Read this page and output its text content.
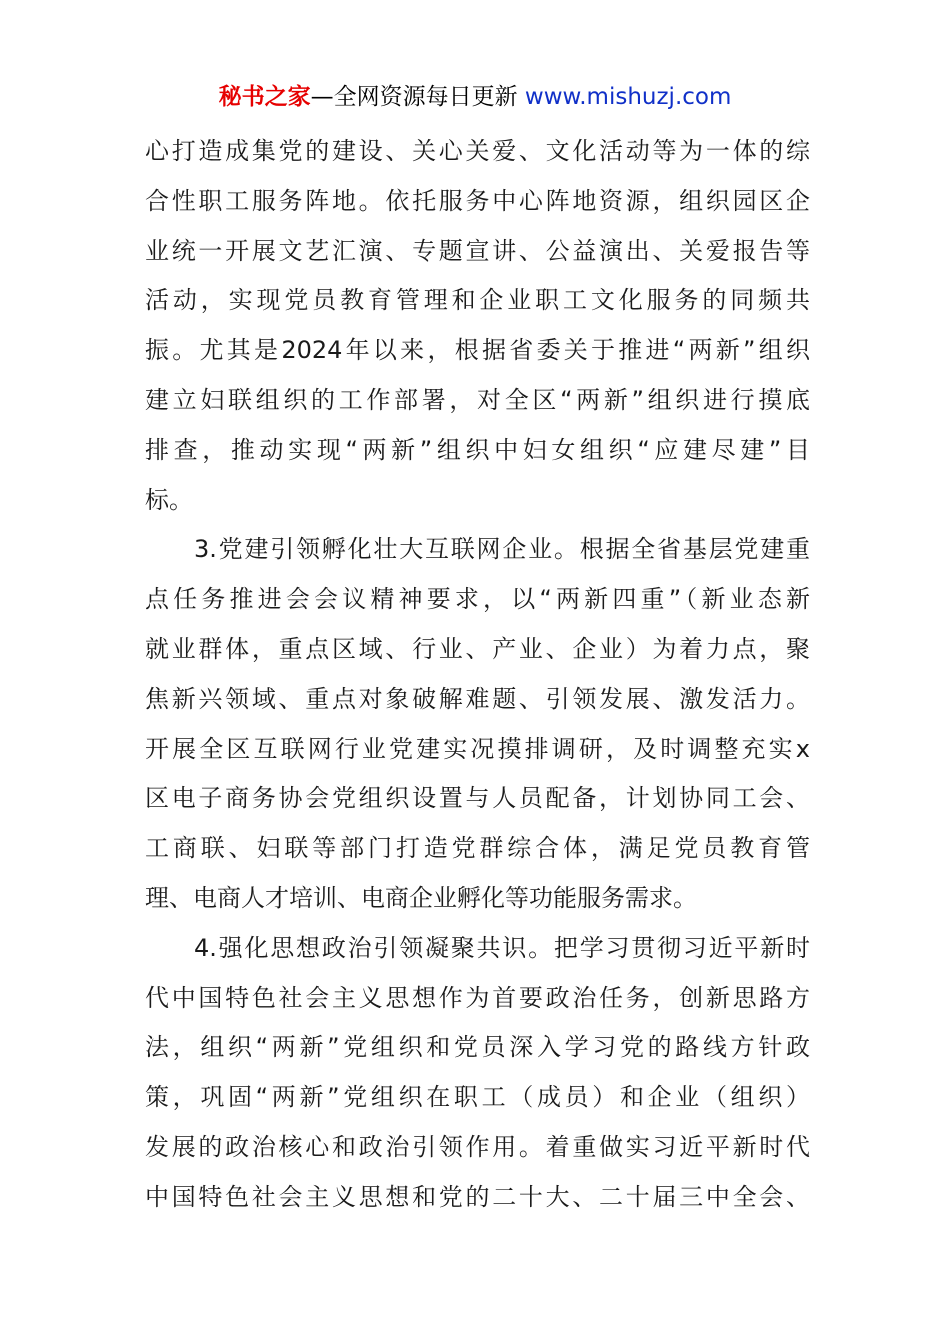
秘书之家—全网资源每日更新 www.mishuzj.com
心打造成集党的建设、关心关爱、文化活动等为一体的综
合性职工服务阵地。依托服务中心阵地资源，组织园区企
业统一开展文艺汇演、专题宣讲、公益演出、关爱报告等
活动，实现党员教育管理和企业职工文化服务的同频共
振。尤其是2024年以来，根据省委关于推进“两新”组织
建立妇联组织的工作部署，对全区“两新”组织进行摸底
排查，推动实现“两新”组织中妇女组织“应建尽建”目
标。
3.党建引领孵化壮大互联网企业。根据全省基层党建重
点任务推进会会议精神要求，以“两新四重”（新业态新
就业群体，重点区域、行业、产业、企业）为着力点，聚
焦新兴领域、重点对象破解难题、引领发展、激发活力。
开展全区互联网行业党建实况摸排调研，及时调整充实x
区电子商务协会党组织设置与人员配备，计划协同工会、
工商联、妇联等部门打造党群综合体，满足党员教育管
理、电商人才培训、电商企业孵化等功能服务需求。
4.强化思想政治引领凝聚共识。把学习贯彻习近平新时
代中国特色社会主义思想作为首要政治任务，创新思路方
法，组织“两新”党组织和党员深入学习党的路线方针政
策，巩固“两新”党组织在职工（成员）和企业（组织）
发展的政治核心和政治引领作用。着重做实习近平新时代
中国特色社会主义思想和党的二十大、二十届三中全会、
